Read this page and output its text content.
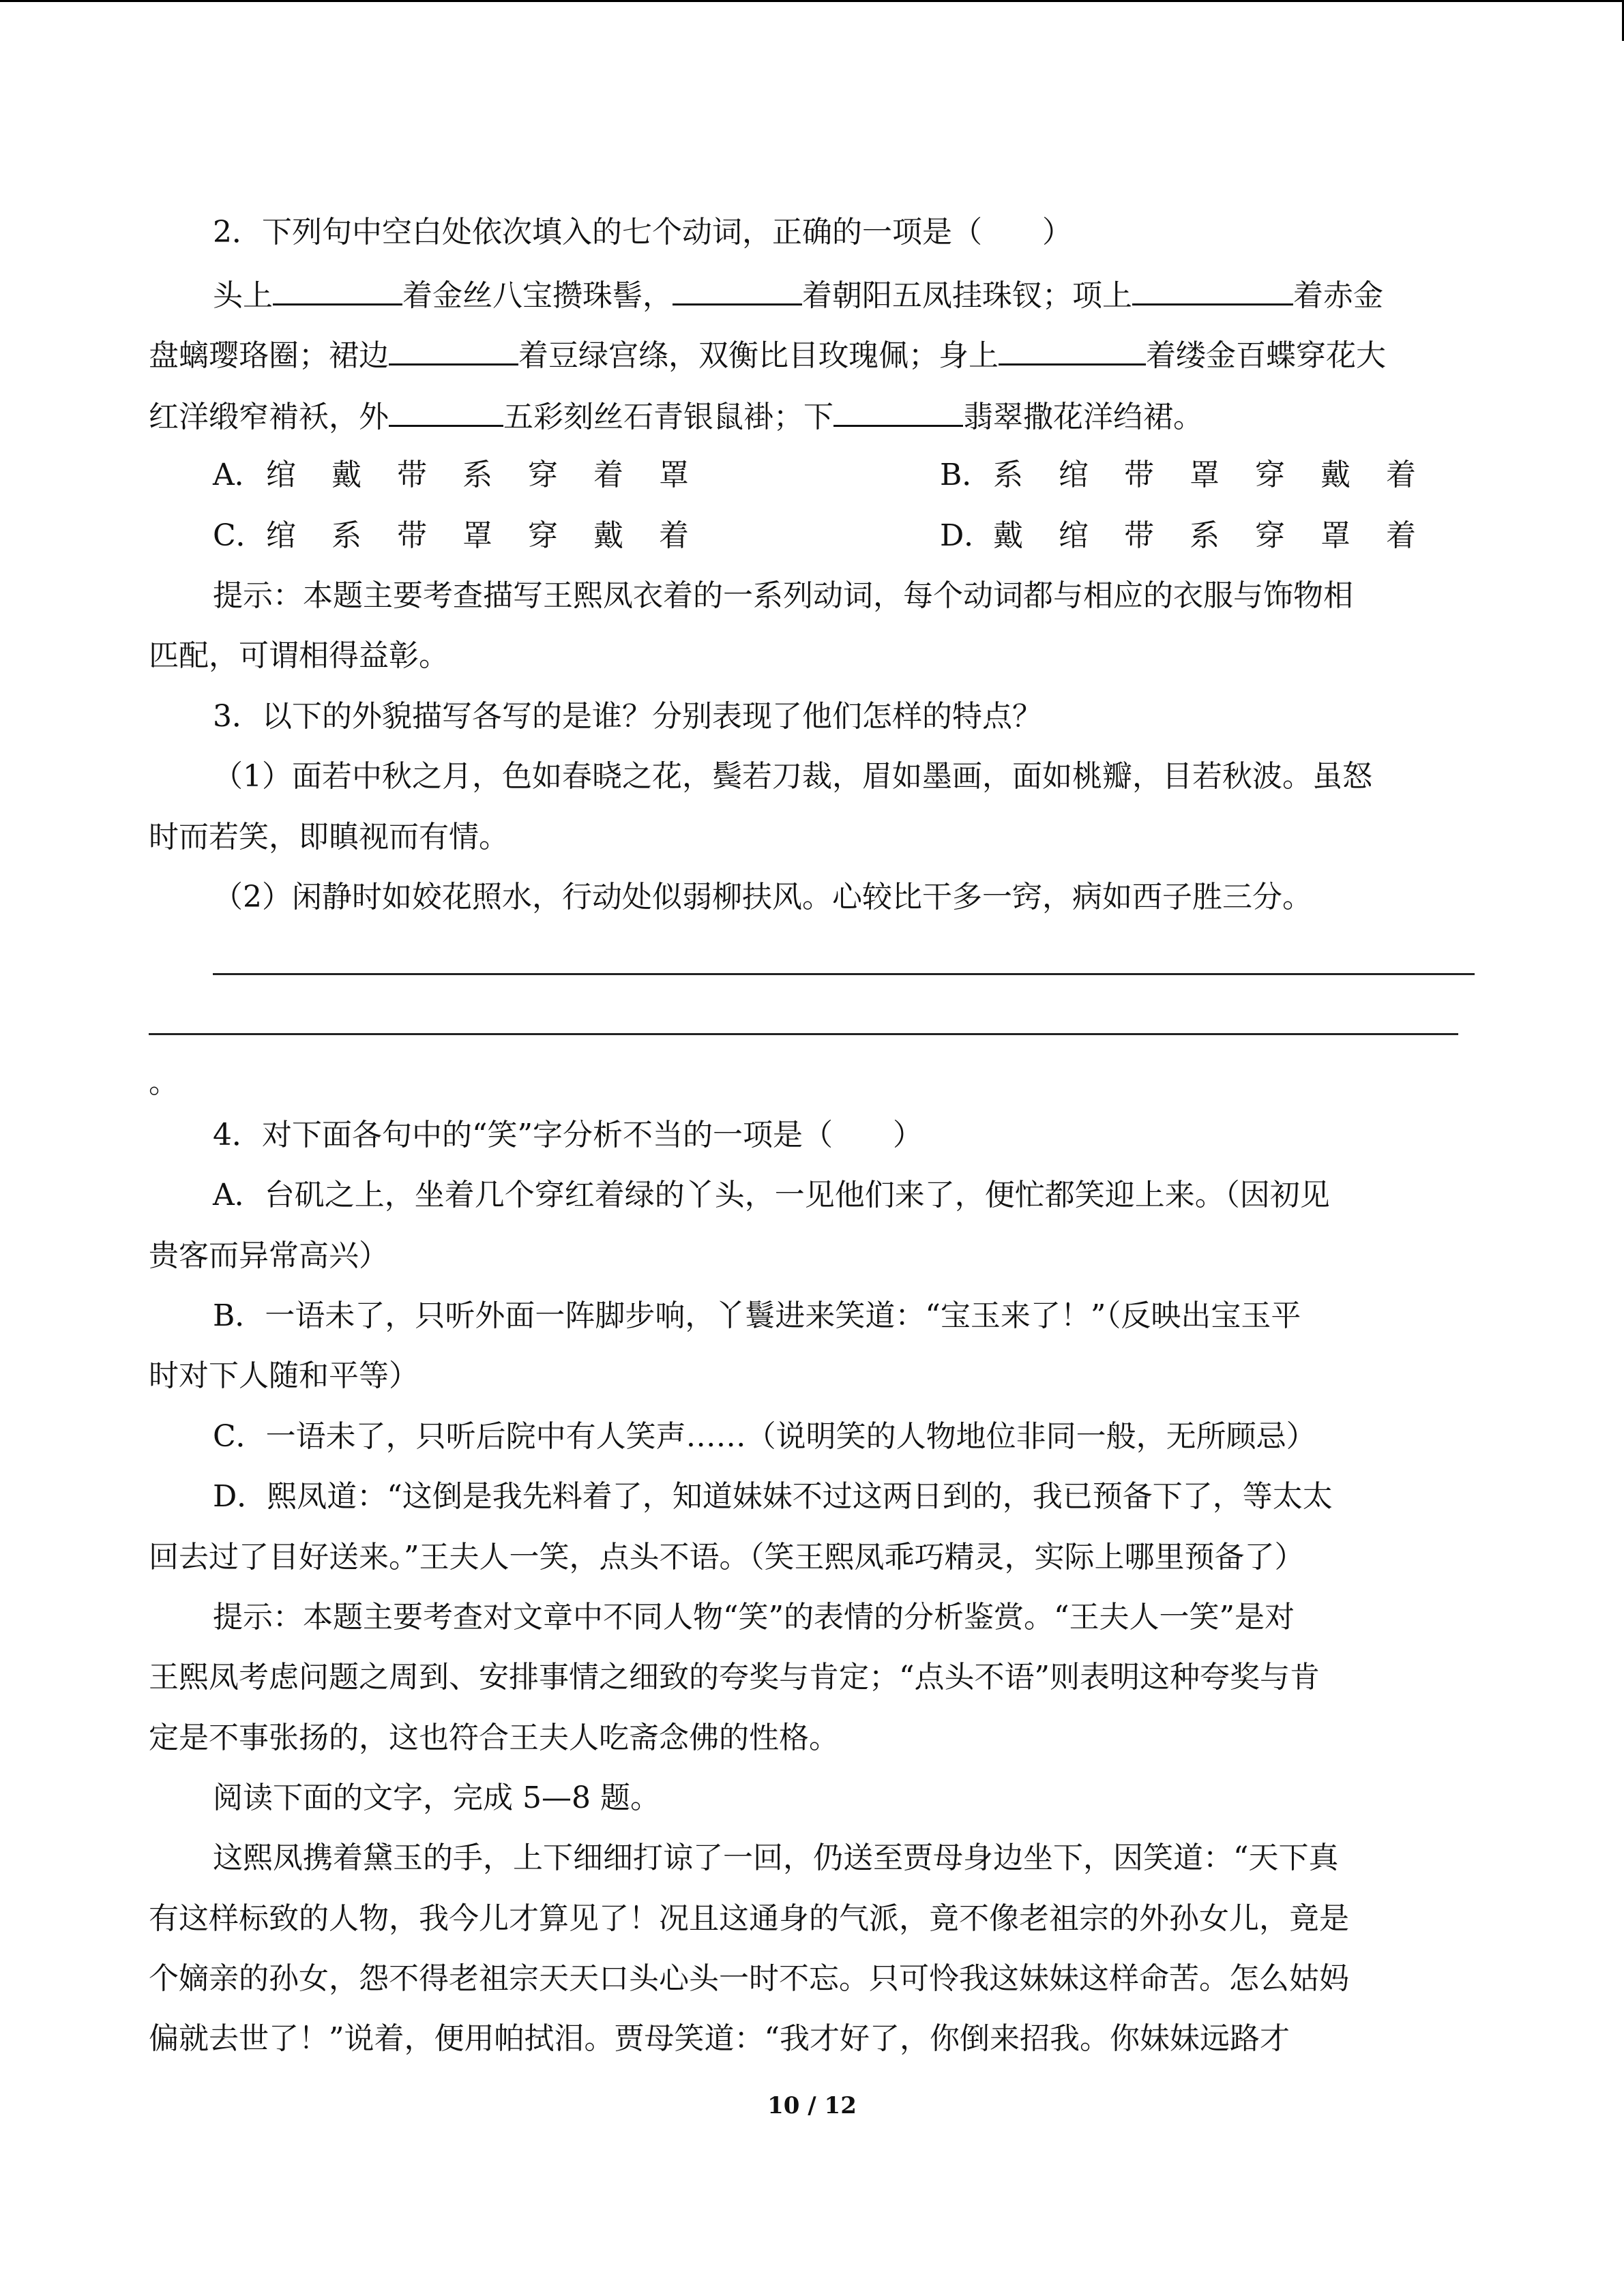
2．下列句中空白处依次填入的七个动词，正确的一项是（　　）
头上	着金丝八宝攒珠髻，	着朝阳五凤挂珠钗；项上	着赤金
盘螭璎珞圈；裙边	着豆绿宫绦，双衡比目玫瑰佩；身上	着缕金百蝶穿花大
红洋缎窄褃袄，外	五彩刻丝石青银鼠褂；下	翡翠撒花洋绉裙。
A．绾 戴 带 系 穿 着 罩	B．系 绾 带 罩 穿 戴 着
C．绾 系 带 罩 穿 戴 着	D．戴 绾 带 系 穿 罩 着
提示：本题主要考查描写王熙凤衣着的一系列动词，每个动词都与相应的衣服与饰物相
匹配，可谓相得益彰。
3．以下的外貌描写各写的是谁？分别表现了他们怎样的特点？
（1）面若中秋之月，色如春晓之花，鬓若刀裁，眉如墨画，面如桃瓣，目若秋波。虽怒
时而若笑，即瞋视而有情。
（2）闲静时如姣花照水，行动处似弱柳扶风。心较比干多一窍，病如西子胜三分。
。
4．对下面各句中的“笑”字分析不当的一项是（　　）
A．台矶之上，坐着几个穿红着绿的丫头，一见他们来了，便忙都笑迎上来。（因初见
贵客而异常高兴）
B．一语未了，只听外面一阵脚步响，丫鬟进来笑道：“宝玉来了！”（反映出宝玉平
时对下人随和平等）
C．一语未了，只听后院中有人笑声……（说明笑的人物地位非同一般，无所顾忌）
D．熙凤道：“这倒是我先料着了，知道妹妹不过这两日到的，我已预备下了，等太太
回去过了目好送来。”王夫人一笑，点头不语。（笑王熙凤乖巧精灵，实际上哪里预备了）
提示：本题主要考查对文章中不同人物“笑”的表情的分析鉴赏。“王夫人一笑”是对
王熙凤考虑问题之周到、安排事情之细致的夸奖与肯定；“点头不语”则表明这种夸奖与肯
定是不事张扬的，这也符合王夫人吃斋念佛的性格。
阅读下面的文字，完成 5—8 题。
这熙凤携着黛玉的手，上下细细打谅了一回，仍送至贾母身边坐下，因笑道：“天下真
有这样标致的人物，我今儿才算见了！况且这通身的气派，竟不像老祖宗的外孙女儿，竟是
个嫡亲的孙女，怨不得老祖宗天天口头心头一时不忘。只可怜我这妹妹这样命苦。怎么姑妈
偏就去世了！”说着，便用帕拭泪。贾母笑道：“我才好了，你倒来招我。你妹妹远路才
10 / 12
